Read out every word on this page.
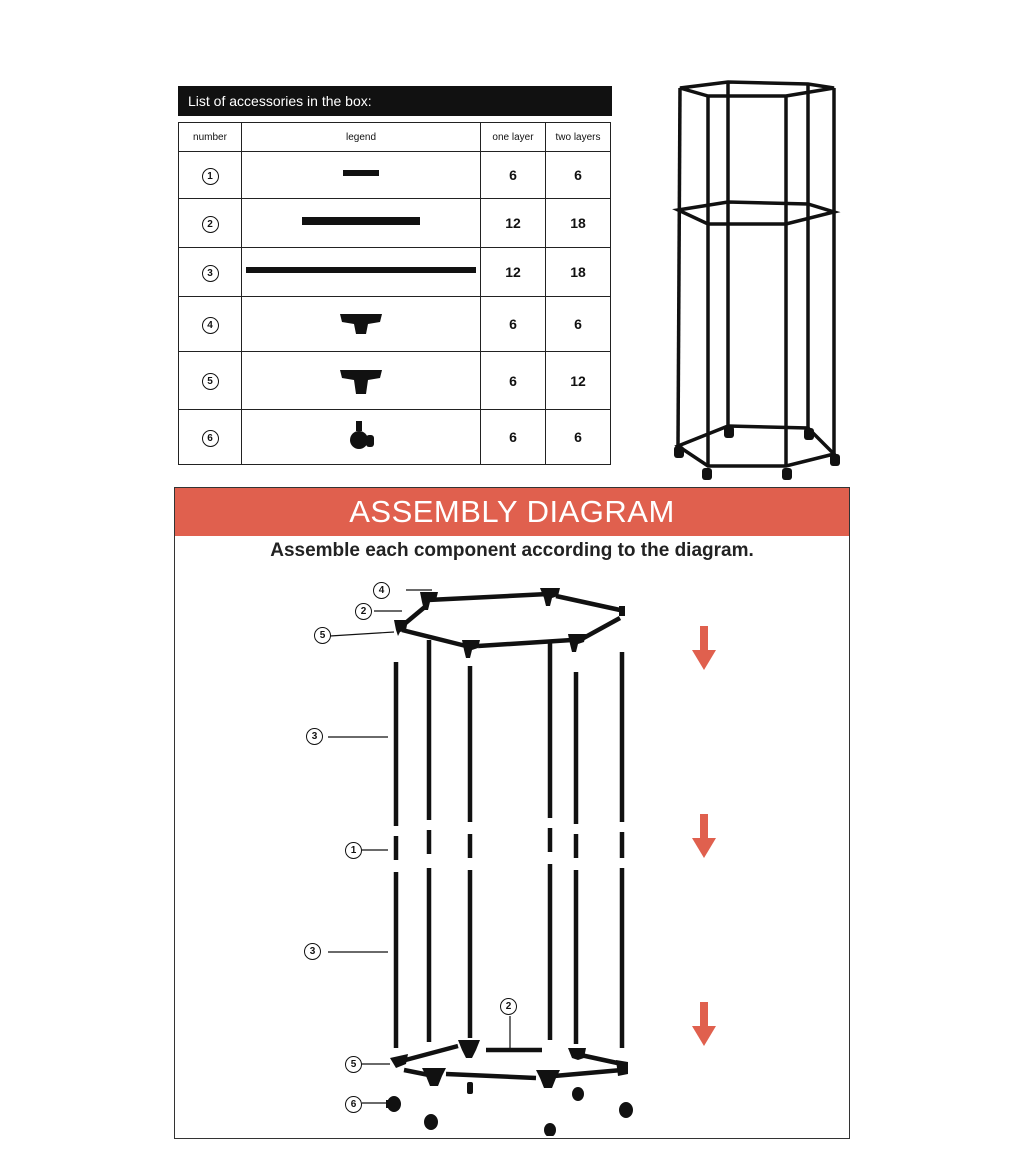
List of accessories in the box:
number	legend	one layer	two layers
1		6	6
2		12	18
3		12	18
4		6	6
5		6	12
6		6	6
ASSEMBLY DIAGRAM
Assemble each component according to the diagram.
4
2
5
3
1
3
2
5
6
